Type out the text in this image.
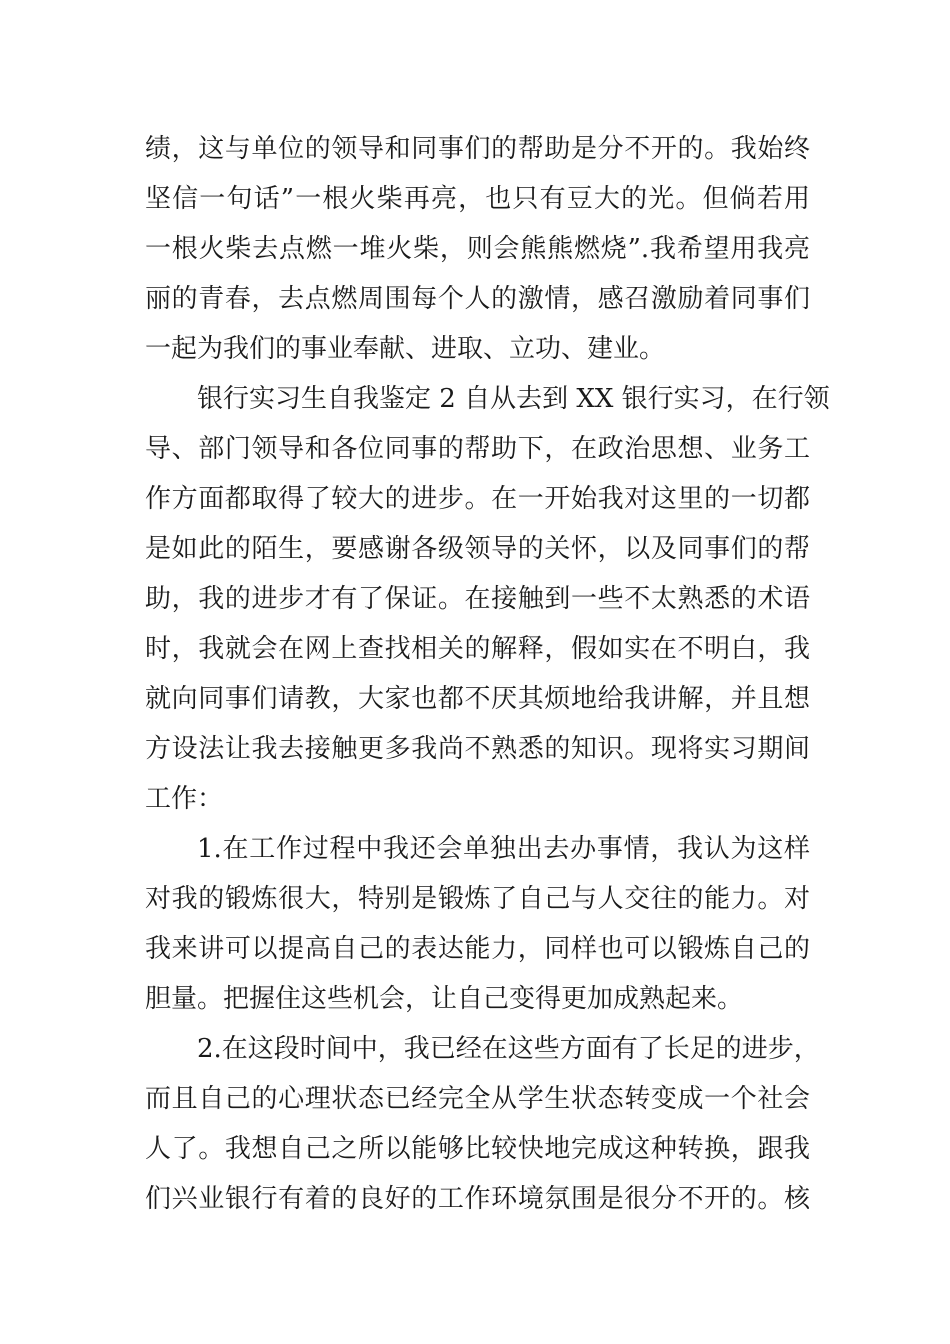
绩，这与单位的领导和同事们的帮助是分不开的。我始终
坚信一句话”一根火柴再亮，也只有豆大的光。但倘若用
一根火柴去点燃一堆火柴，则会熊熊燃烧”.我希望用我亮
丽的青春，去点燃周围每个人的激情，感召激励着同事们
一起为我们的事业奉献、进取、立功、建业。
银行实习生自我鉴定 2 自从去到 XX 银行实习，在行领
导、部门领导和各位同事的帮助下，在政治思想、业务工
作方面都取得了较大的进步。在一开始我对这里的一切都
是如此的陌生，要感谢各级领导的关怀，以及同事们的帮
助，我的进步才有了保证。在接触到一些不太熟悉的术语
时，我就会在网上查找相关的解释，假如实在不明白，我
就向同事们请教，大家也都不厌其烦地给我讲解，并且想
方设法让我去接触更多我尚不熟悉的知识。现将实习期间
工作：
1.在工作过程中我还会单独出去办事情，我认为这样
对我的锻炼很大，特别是锻炼了自己与人交往的能力。对
我来讲可以提高自己的表达能力，同样也可以锻炼自己的
胆量。把握住这些机会，让自己变得更加成熟起来。
2.在这段时间中，我已经在这些方面有了长足的进步，
而且自己的心理状态已经完全从学生状态转变成一个社会
人了。我想自己之所以能够比较快地完成这种转换，跟我
们兴业银行有着的良好的工作环境氛围是很分不开的。核
